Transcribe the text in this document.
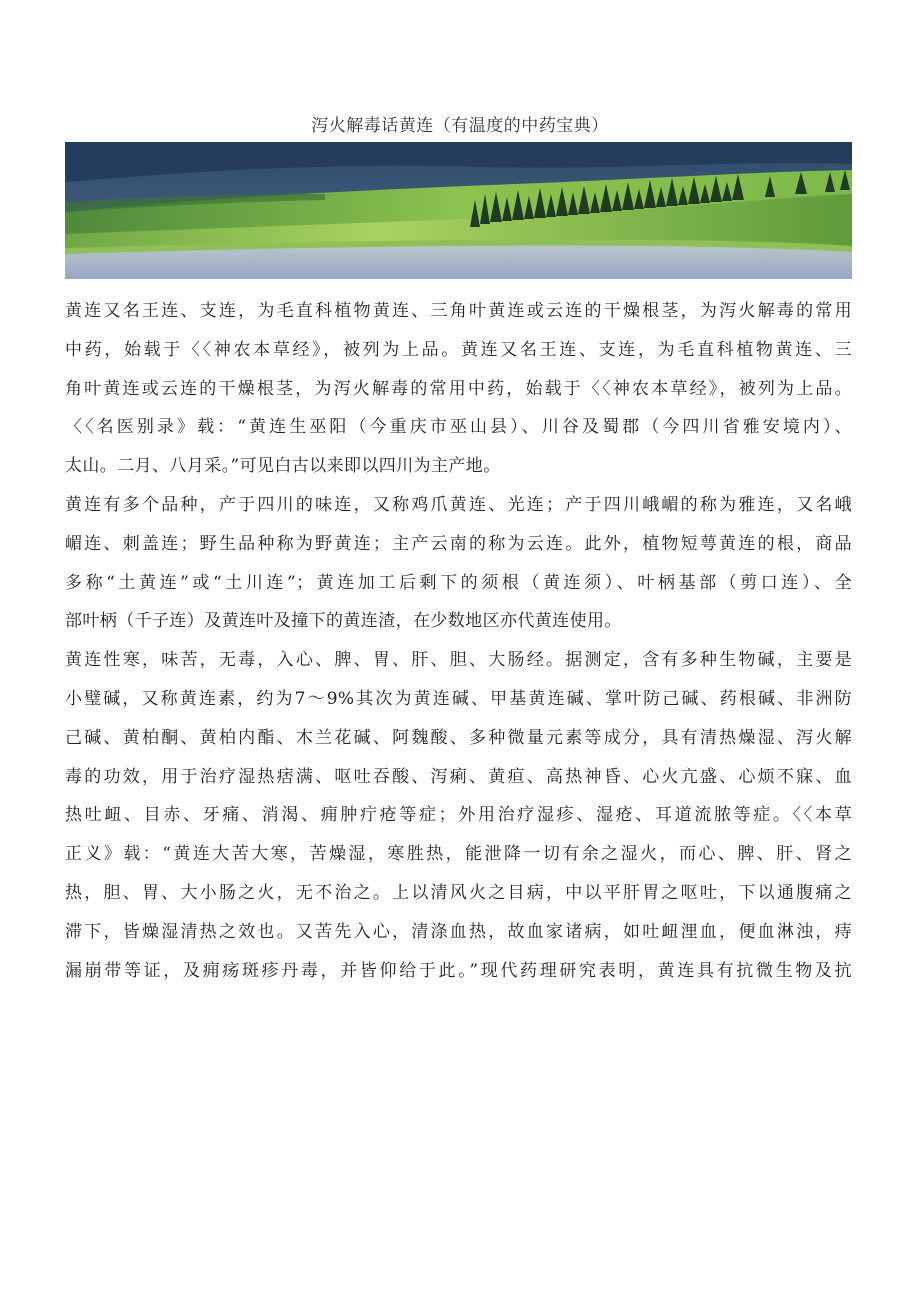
泻火解毒话黄连（有温度的中药宝典）
黄连又名王连、支连，为毛直科植物黄连、三角叶黄连或云连的干燥根茎，为泻火解毒的常用
中药，始载于〈〈神农本草经》，被列为上品。黄连又名王连、支连，为毛直科植物黄连、三
角叶黄连或云连的干燥根茎，为泻火解毒的常用中药，始载于〈〈神农本草经》，被列为上品。
〈〈名医别录》载：“黄连生巫阳（今重庆市巫山县）、川谷及蜀郡（今四川省雅安境内）、
太山。二月、八月采。”可见白古以来即以四川为主产地。
黄连有多个品种，产于四川的味连，又称鸡爪黄连、光连；产于四川峨嵋的称为雅连，又名峨
嵋连、刺盖连；野生品种称为野黄连；主产云南的称为云连。此外，植物短萼黄连的根，商品
多称“土黄连”或“土川连”；黄连加工后剩下的须根（黄连须）、叶柄基部（剪口连）、全
部叶柄（千子连）及黄连叶及撞下的黄连渣，在少数地区亦代黄连使用。
黄连性寒，味苦，无毒，入心、脾、胃、肝、胆、大肠经。据测定，含有多种生物碱，主要是
小璧碱，又称黄连素，约为7～9%其次为黄连碱、甲基黄连碱、掌叶防己碱、药根碱、非洲防
己碱、黄柏酮、黄柏内酯、木兰花碱、阿魏酸、多种微量元素等成分，具有清热燥湿、泻火解
毒的功效，用于治疗湿热痞满、呕吐吞酸、泻痢、黄疸、高热神昏、心火亢盛、心烦不寐、血
热吐衄、目赤、牙痛、消渴、痈肿疔疮等症；外用治疗湿疹、湿疮、耳道流脓等症。〈〈本草
正义》载：“黄连大苦大寒，苦燥湿，寒胜热，能泄降一切有余之湿火，而心、脾、肝、肾之
热，胆、胃、大小肠之火，无不治之。上以清风火之目病，中以平肝胃之呕吐，下以通腹痛之
滞下，皆燥湿清热之效也。又苦先入心，清涤血热，故血家诸病，如吐衄浬血，便血淋浊，痔
漏崩带等证，及痈疡斑疹丹毒，并皆仰给于此。”现代药理研究表明，黄连具有抗微生物及抗
